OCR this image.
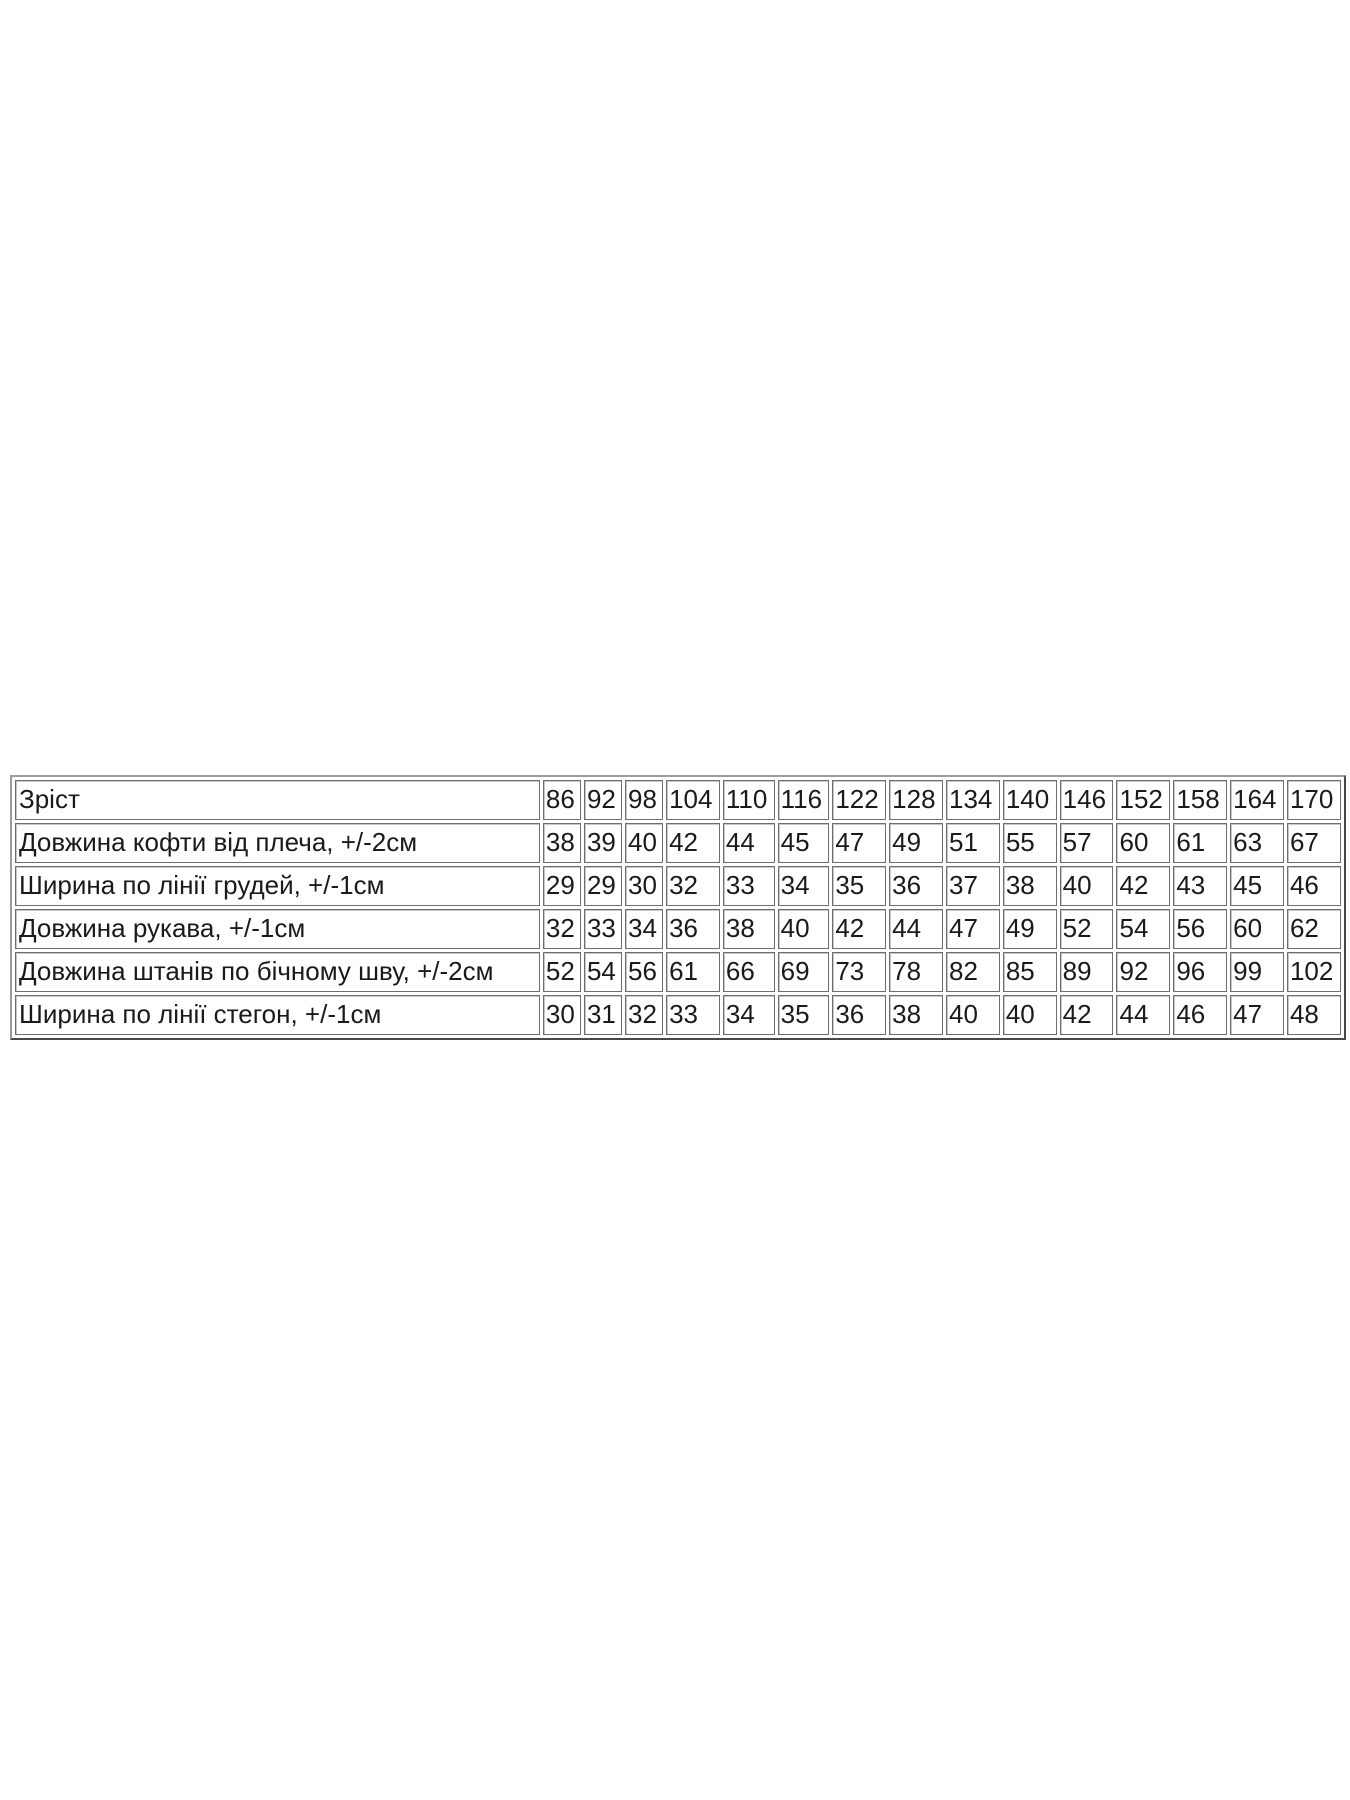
Зріст	86	92	98	104	110	116	122	128	134	140	146	152	158	164	170
Довжина кофти від плеча, +/-2см	38	39	40	42	44	45	47	49	51	55	57	60	61	63	67
Ширина по лінії грудей, +/-1см	29	29	30	32	33	34	35	36	37	38	40	42	43	45	46
Довжина рукава, +/-1см	32	33	34	36	38	40	42	44	47	49	52	54	56	60	62
Довжина штанів по бічному шву, +/-2см	52	54	56	61	66	69	73	78	82	85	89	92	96	99	102
Ширина по лінії стегон, +/-1см	30	31	32	33	34	35	36	38	40	40	42	44	46	47	48
